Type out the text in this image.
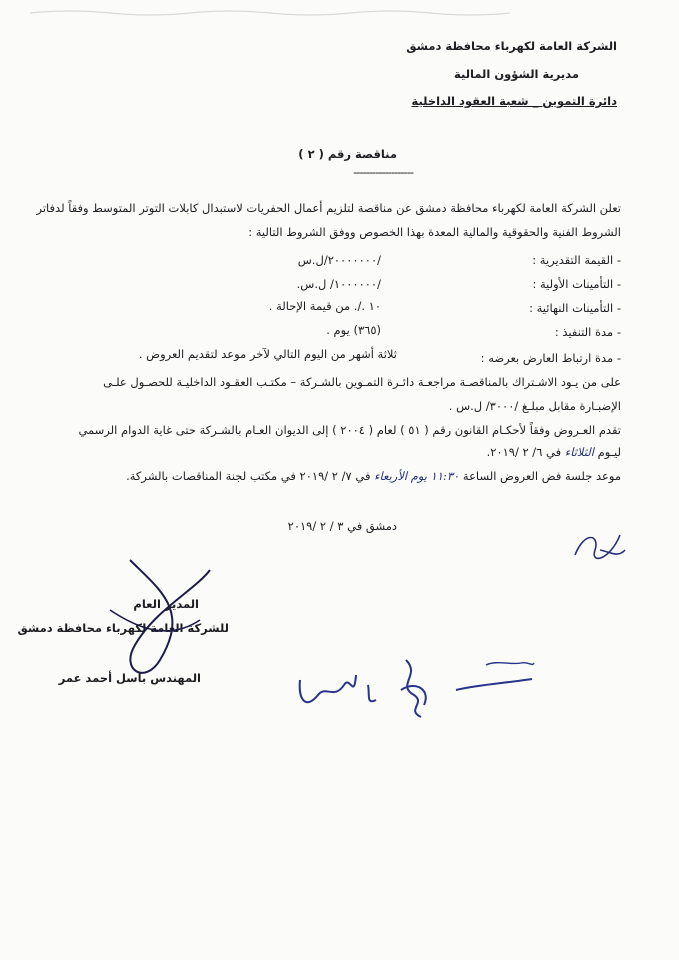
الشركة العامة لكهرباء محافظة دمشق
مديرية الشؤون المالية
دائرة التموين _ شعبة العقود الداخلية
مناقصة رقم ( ٢ )
-------------------
تعلن الشركة العامة لكهرباء محافظة دمشق عن مناقصة لتلزيم أعمال الحفريات لاستبدال كابلات التوتر المتوسط وفقاً لدفاتر
الشروط الفنية والحقوقية والمالية المعدة بهذا الخصوص ووفق الشروط التالية :
- القيمة التقديرية :
/٢٠٠٠٠٠٠٠/ل.س
- التأمينات الأولية :
/١٠٠٠٠٠٠/ ل.س.
- التأمينات النهائية :
١٠ ./. من قيمة الإحالة .
- مدة التنفيذ :
(٣٦٥) يوم .
- مدة ارتباط العارض بعرضه :
ثلاثة أشهر من اليوم التالي لآخر موعد لتقديم العروض .
على من يـود الاشـتراك بالمناقصـة مراجعـة دائـرة التمـوين بالشـركة – مكتـب العقـود الداخليـة للحصـول علـى
الإضبـارة مقابل مبلـغ /٣٠٠٠/ ل.س .
تقدم العـروض وفقاً لأحكـام القانون رقم ( ٥١ ) لعام ( ٢٠٠٤ ) إلى الديوان العـام بالشـركة حتى غاية الدوام الرسمي
ليـوم الثلاثاء في ٦/ ٢ /٢٠١٩.
موعد جلسة فض العروض الساعة ١١:٣٠ يوم الأربعاء في ٧/ ٢ /٢٠١٩ في مكتب لجنة المناقصات بالشركة.
دمشق في ٣ / ٢ /٢٠١٩
المدير العام
للشركة العامة لكهرباء محافظة دمشق
المهندس باسل أحمد عمر
